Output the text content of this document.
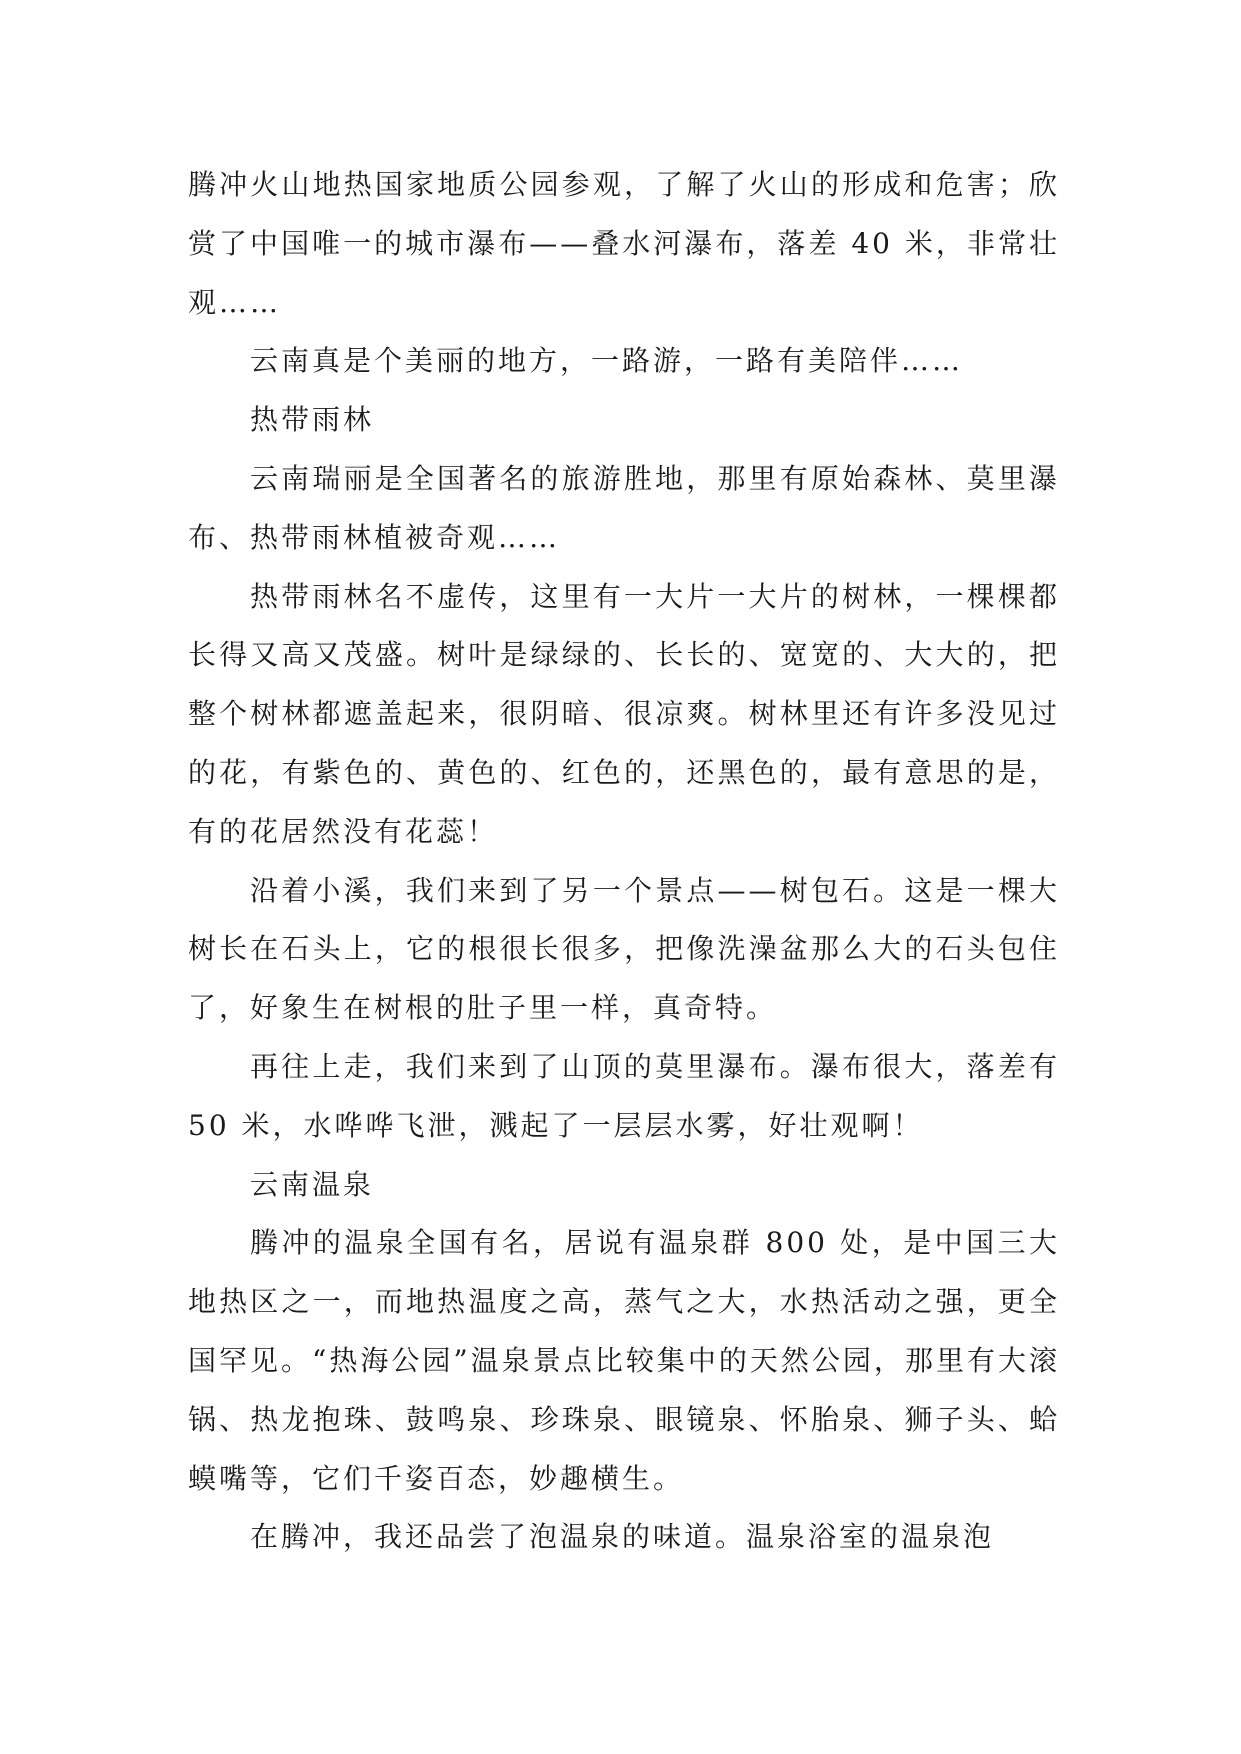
腾冲火山地热国家地质公园参观，了解了火山的形成和危害；欣赏了中国唯一的城市瀑布——叠水河瀑布，落差 40 米，非常壮观……

云南真是个美丽的地方，一路游，一路有美陪伴……

热带雨林

云南瑞丽是全国著名的旅游胜地，那里有原始森林、莫里瀑布、热带雨林植被奇观……

热带雨林名不虚传，这里有一大片一大片的树林，一棵棵都长得又高又茂盛。树叶是绿绿的、长长的、宽宽的、大大的，把整个树林都遮盖起来，很阴暗、很凉爽。树林里还有许多没见过的花，有紫色的、黄色的、红色的，还黑色的，最有意思的是，有的花居然没有花蕊！

沿着小溪，我们来到了另一个景点——树包石。这是一棵大树长在石头上，它的根很长很多，把像洗澡盆那么大的石头包住了，好象生在树根的肚子里一样，真奇特。

再往上走，我们来到了山顶的莫里瀑布。瀑布很大，落差有 50 米，水哗哗飞泄，溅起了一层层水雾，好壮观啊！

云南温泉

腾冲的温泉全国有名，居说有温泉群 800 处，是中国三大地热区之一，而地热温度之高，蒸气之大，水热活动之强，更全国罕见。“热海公园”温泉景点比较集中的天然公园，那里有大滚锅、热龙抱珠、鼓鸣泉、珍珠泉、眼镜泉、怀胎泉、狮子头、蛤蟆嘴等，它们千姿百态，妙趣横生。

在腾冲，我还品尝了泡温泉的味道。温泉浴室的温泉泡
